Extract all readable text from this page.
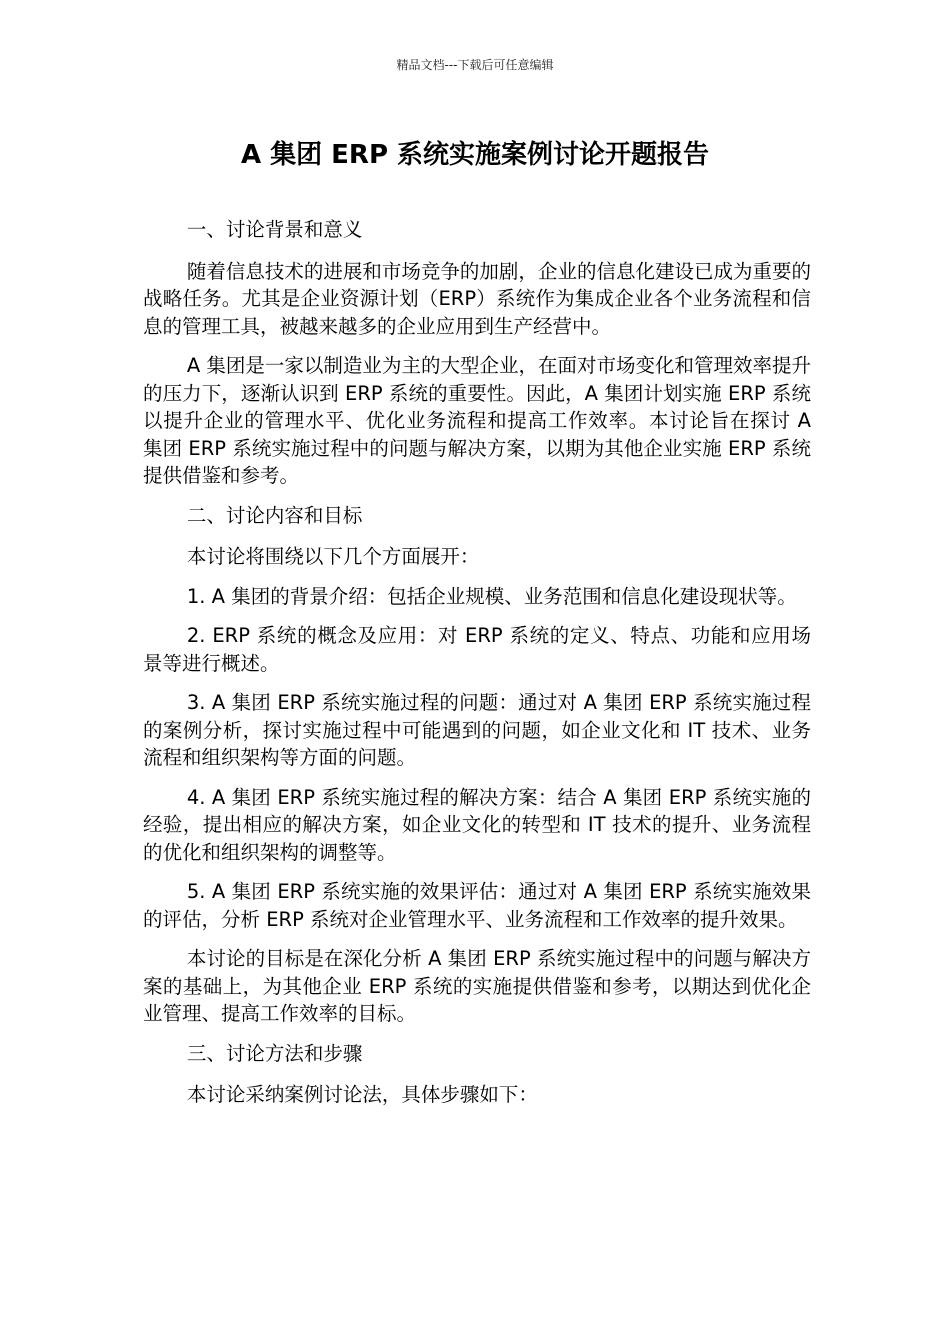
精品文档---下载后可任意编辑
A 集团 ERP 系统实施案例讨论开题报告

一、讨论背景和意义

随着信息技术的进展和市场竞争的加剧，企业的信息化建设已成为重要的战略任务。尤其是企业资源计划（ERP）系统作为集成企业各个业务流程和信息的管理工具，被越来越多的企业应用到生产经营中。

A 集团是一家以制造业为主的大型企业，在面对市场变化和管理效率提升的压力下，逐渐认识到 ERP 系统的重要性。因此，A 集团计划实施 ERP 系统以提升企业的管理水平、优化业务流程和提高工作效率。本讨论旨在探讨 A 集团 ERP 系统实施过程中的问题与解决方案，以期为其他企业实施 ERP 系统提供借鉴和参考。

二、讨论内容和目标

本讨论将围绕以下几个方面展开：

1. A 集团的背景介绍：包括企业规模、业务范围和信息化建设现状等。

2. ERP 系统的概念及应用：对 ERP 系统的定义、特点、功能和应用场景等进行概述。

3. A 集团 ERP 系统实施过程的问题：通过对 A 集团 ERP 系统实施过程的案例分析，探讨实施过程中可能遇到的问题，如企业文化和 IT 技术、业务流程和组织架构等方面的问题。

4. A 集团 ERP 系统实施过程的解决方案：结合 A 集团 ERP 系统实施的经验，提出相应的解决方案，如企业文化的转型和 IT 技术的提升、业务流程的优化和组织架构的调整等。

5. A 集团 ERP 系统实施的效果评估：通过对 A 集团 ERP 系统实施效果的评估，分析 ERP 系统对企业管理水平、业务流程和工作效率的提升效果。

本讨论的目标是在深化分析 A 集团 ERP 系统实施过程中的问题与解决方案的基础上，为其他企业 ERP 系统的实施提供借鉴和参考，以期达到优化企业管理、提高工作效率的目标。

三、讨论方法和步骤

本讨论采纳案例讨论法，具体步骤如下：
